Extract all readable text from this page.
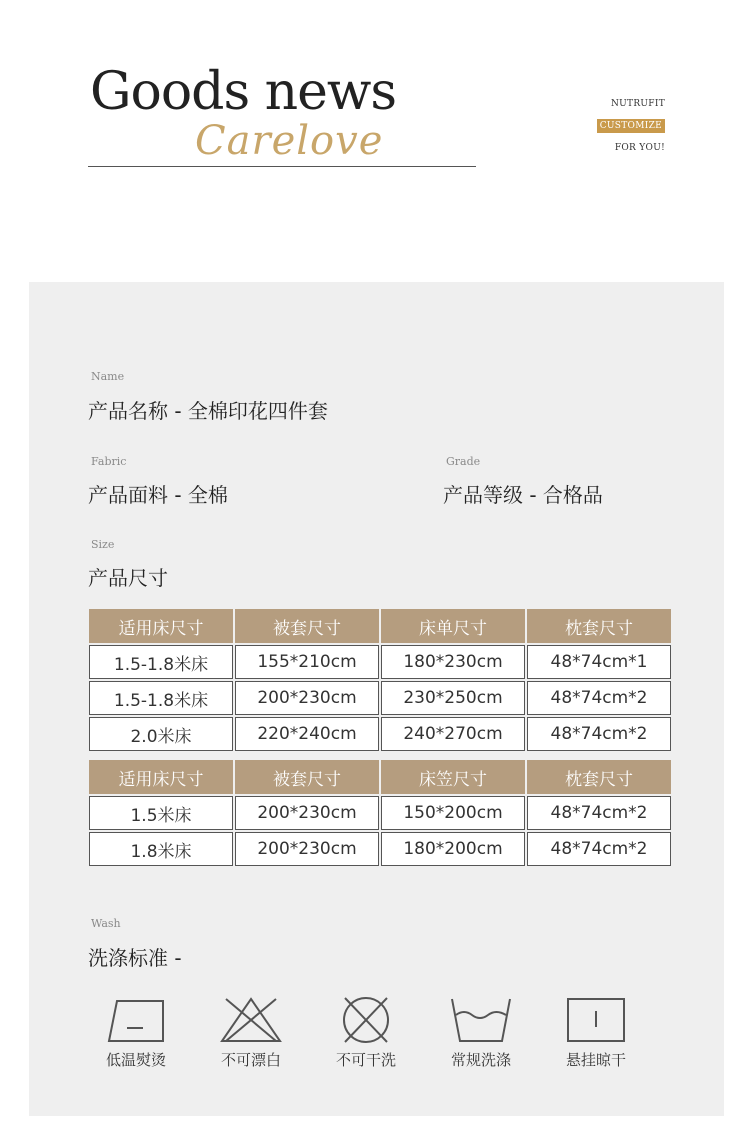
Goods news
Carelove
NUTRUFIT
CUSTOMIZE
FOR YOU!
Name
产品名称 - 全棉印花四件套
Fabric
产品面料 - 全棉
Grade
产品等级 - 合格品
Size
产品尺寸
适用床尺寸	被套尺寸	床单尺寸	枕套尺寸
1.5-1.8米床	155*210cm	180*230cm	48*74cm*1
1.5-1.8米床	200*230cm	230*250cm	48*74cm*2
2.0米床	220*240cm	240*270cm	48*74cm*2
适用床尺寸	被套尺寸	床笠尺寸	枕套尺寸
1.5米床	200*230cm	150*200cm	48*74cm*2
1.8米床	200*230cm	180*200cm	48*74cm*2
Wash
洗涤标准 -
低温熨烫	不可漂白	不可干洗	常规洗涤	悬挂晾干
